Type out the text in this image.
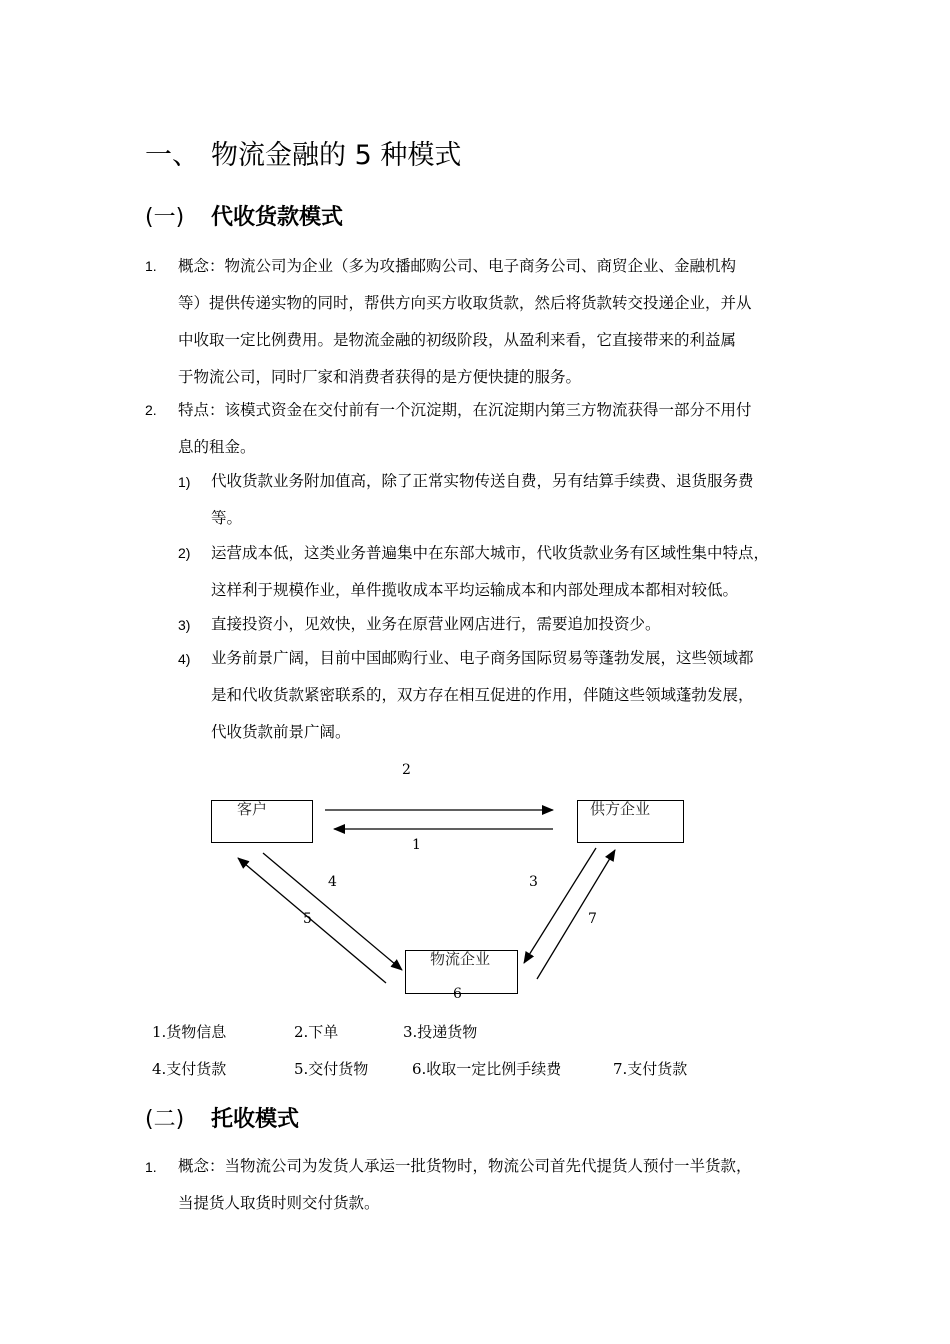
一、 物流金融的 5 种模式
(一) 代收货款模式
1. 概念：物流公司为企业（多为攻播邮购公司、电子商务公司、商贸企业、金融机构
等）提供传递实物的同时，帮供方向买方收取货款，然后将货款转交投递企业，并从
中收取一定比例费用。是物流金融的初级阶段，从盈利来看，它直接带来的利益属
于物流公司，同时厂家和消费者获得的是方便快捷的服务。
2. 特点：该模式资金在交付前有一个沉淀期，在沉淀期内第三方物流获得一部分不用付
息的租金。
1) 代收货款业务附加值高，除了正常实物传送自费，另有结算手续费、退货服务费
等。
2) 运营成本低，这类业务普遍集中在东部大城市，代收货款业务有区域性集中特点，
这样利于规模作业，单件揽收成本平均运输成本和内部处理成本都相对较低。
3) 直接投资小，见效快，业务在原营业网店进行，需要追加投资少。
4) 业务前景广阔，目前中国邮购行业、电子商务国际贸易等蓬勃发展，这些领域都
是和代收货款紧密联系的，双方存在相互促进的作用，伴随这些领域蓬勃发展，
代收货款前景广阔。
客户	供方企业
物流企业
2
1
4	3
5	7
6
1.货物信息	2.下单	3.投递货物
4.支付货款	5.交付货物	6.收取一定比例手续费	7.支付货款
(二) 托收模式
1. 概念：当物流公司为发货人承运一批货物时，物流公司首先代提货人预付一半货款，
当提货人取货时则交付货款。
